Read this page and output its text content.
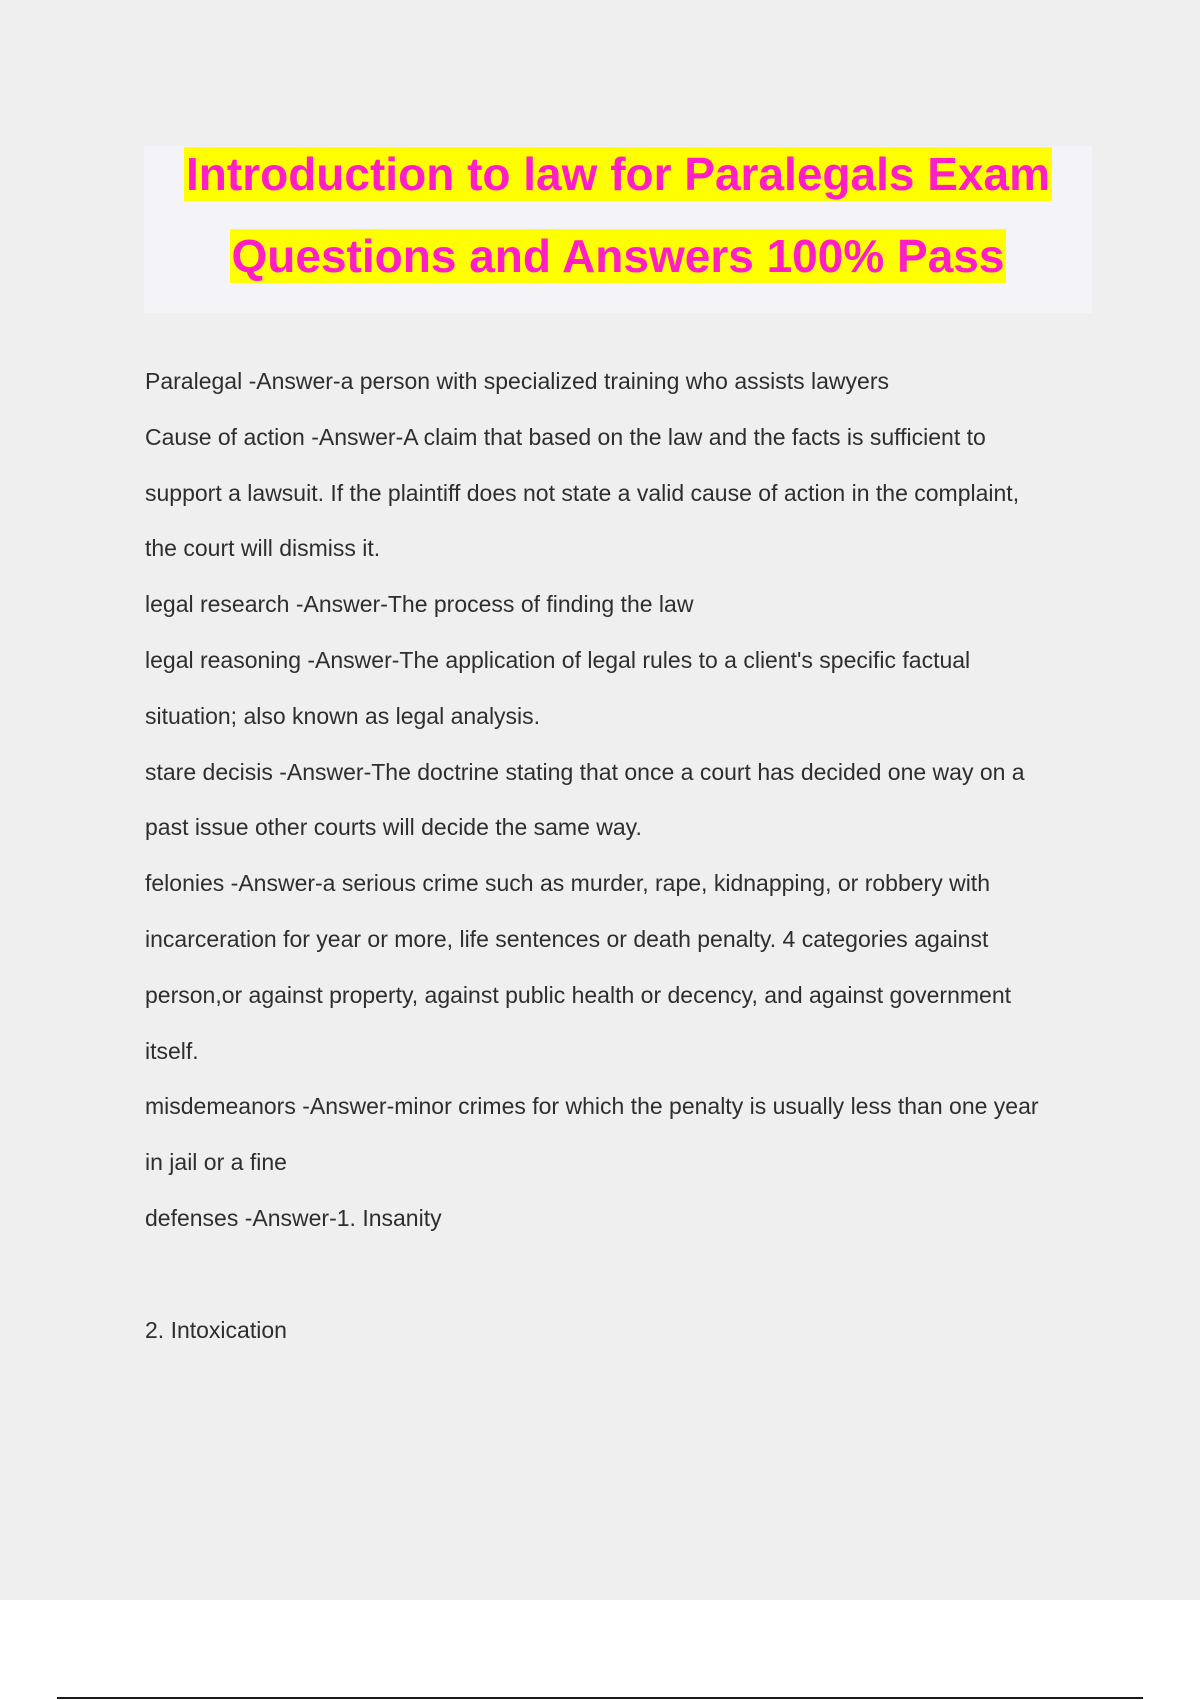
Introduction to law for Paralegals Exam
Questions and Answers 100% Pass
Paralegal -Answer-a person with specialized training who assists lawyers
Cause of action -Answer-A claim that based on the law and the facts is sufficient to
support a lawsuit. If the plaintiff does not state a valid cause of action in the complaint,
the court will dismiss it.
legal research -Answer-The process of finding the law
legal reasoning -Answer-The application of legal rules to a client's specific factual
situation; also known as legal analysis.
stare decisis -Answer-The doctrine stating that once a court has decided one way on a
past issue other courts will decide the same way.
felonies -Answer-a serious crime such as murder, rape, kidnapping, or robbery with
incarceration for year or more, life sentences or death penalty. 4 categories against
person,or against property, against public health or decency, and against government
itself.
misdemeanors -Answer-minor crimes for which the penalty is usually less than one year
in jail or a fine
defenses -Answer-1. Insanity
2. Intoxication
